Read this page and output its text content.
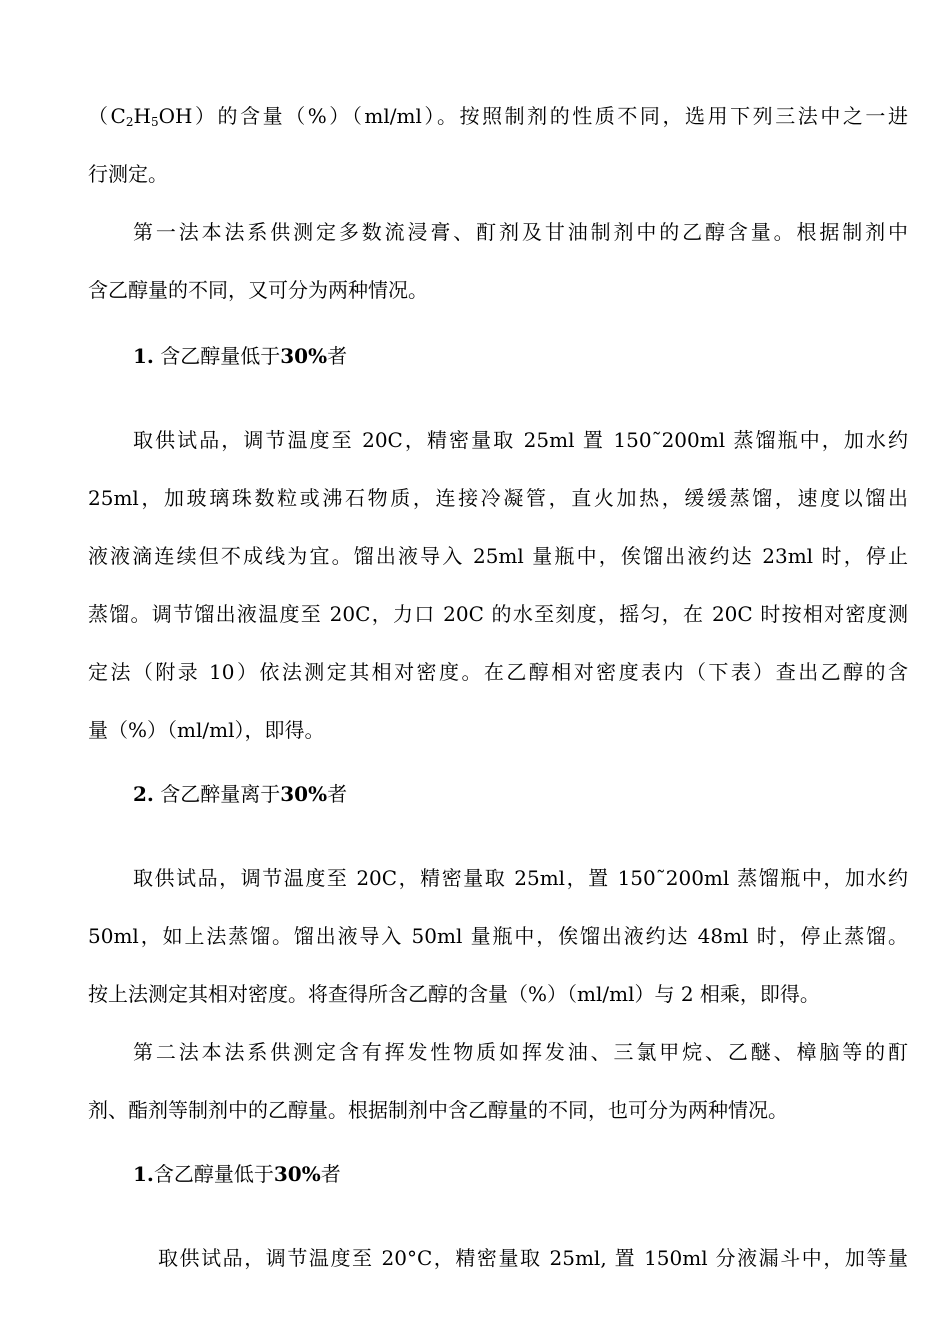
$(C_2H_5OH)$的含量（%）（ml/ml）。按照制剂的性质不同，选用下列三法中之一进
行测定。
第一法本法系供测定多数流浸膏、酊剂及甘油制剂中的乙醇含量。根据制剂中
含乙醇量的不同，又可分为两种情况。
1. 含乙醇量低于30%者
取供试品，调节温度至 20C，精密量取 25ml 置 150˜200ml 蒸馏瓶中，加水约
25ml，加玻璃珠数粒或沸石物质，连接冷凝管，直火加热，缓缓蒸馏，速度以馏出
液液滴连续但不成线为宜。馏出液导入 25ml 量瓶中，俟馏出液约达 23ml 时，停止
蒸馏。调节馏出液温度至 20C，力口 20C 的水至刻度，摇匀，在 20C 时按相对密度测
定法（附录 10）依法测定其相对密度。在乙醇相对密度表内（下表）查出乙醇的含
量（%）（ml/ml），即得。
2. 含乙醉量离于30%者
取供试品，调节温度至 20C，精密量取 25ml，置 150˜200ml 蒸馏瓶中，加水约
50ml，如上法蒸馏。馏出液导入 50ml 量瓶中，俟馏出液约达 48ml 时，停止蒸馏。
按上法测定其相对密度。将查得所含乙醇的含量（%）（ml/ml）与 2 相乘，即得。
第二法本法系供测定含有挥发性物质如挥发油、三氯甲烷、乙醚、樟脑等的酊
剂、酯剂等制剂中的乙醇量。根据制剂中含乙醇量的不同，也可分为两种情况。
1.含乙醇量低于30%者
取供试品，调节温度至 20°C，精密量取 25ml, 置 150ml 分液漏斗中，加等量
